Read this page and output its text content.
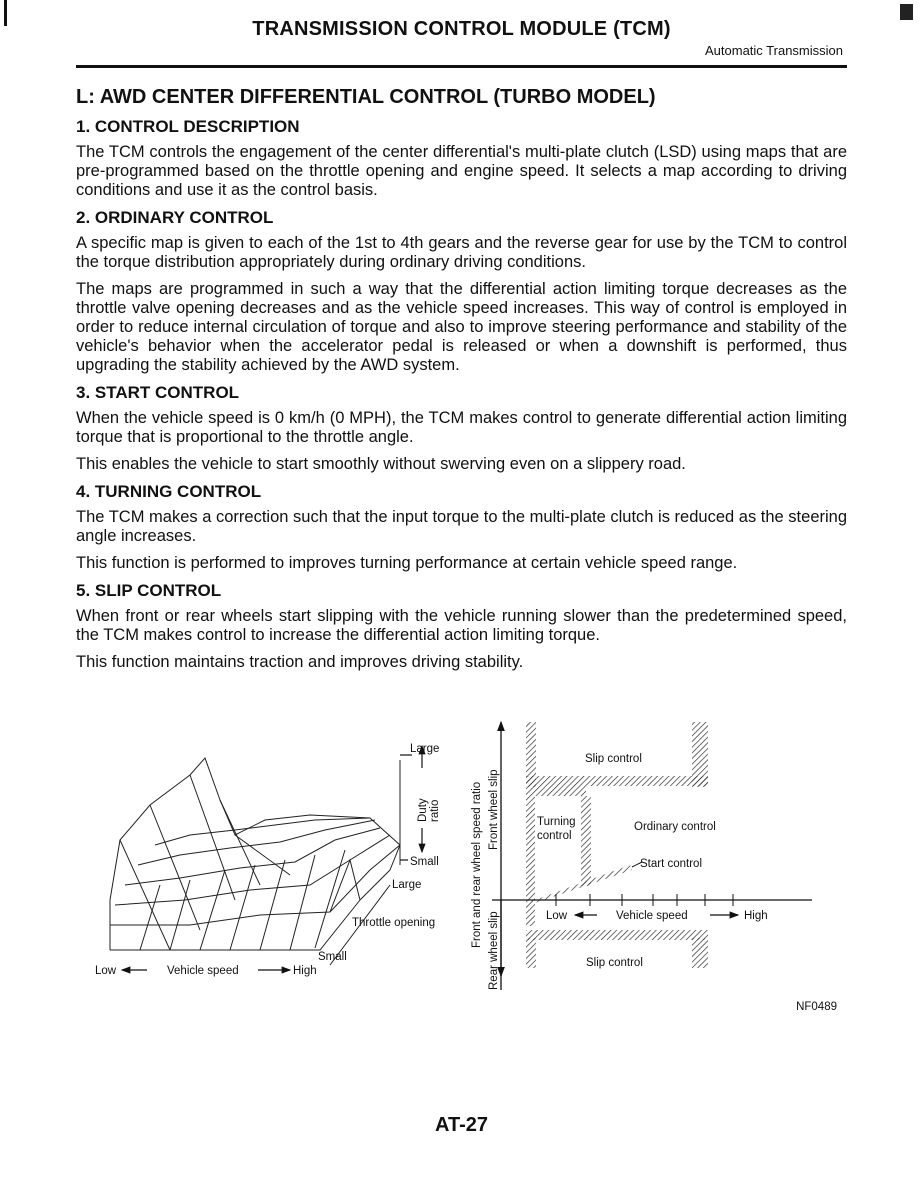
TRANSMISSION CONTROL MODULE (TCM)
Automatic Transmission
L: AWD CENTER DIFFERENTIAL CONTROL (TURBO MODEL)
1. CONTROL DESCRIPTION

The TCM controls the engagement of the center differential's multi-plate clutch (LSD) using maps that are pre-programmed based on the throttle opening and engine speed. It selects a map according to driving conditions and use it as the control basis.

2. ORDINARY CONTROL

A specific map is given to each of the 1st to 4th gears and the reverse gear for use by the TCM to control the torque distribution appropriately during ordinary driving conditions.

The maps are programmed in such a way that the differential action limiting torque decreases as the throttle valve opening decreases and as the vehicle speed increases. This way of control is employed in order to reduce internal circulation of torque and also to improve steering performance and stability of the vehicle's behavior when the accelerator pedal is released or when a downshift is performed, thus upgrading the stability achieved by the AWD system.

3. START CONTROL

When the vehicle speed is 0 km/h (0 MPH), the TCM makes control to generate differential action limiting torque that is proportional to the throttle angle.

This enables the vehicle to start smoothly without swerving even on a slippery road.

4. TURNING CONTROL

The TCM makes a correction such that the input torque to the multi-plate clutch is reduced as the steering angle increases.

This function is performed to improves turning performance at certain vehicle speed range.

5. SLIP CONTROL

When front or rear wheels start slipping with the vehicle running slower than the predetermined speed, the TCM makes control to increase the differential action limiting torque.

This function maintains traction and improves driving stability.

Large
Small
Duty ratio
Large
Throttle opening
Small
Low	Vehicle speed	High
Slip control
Turning
control
Ordinary control
Start control
Low	Vehicle speed	High
Slip control
Front and rear wheel speed ratio Front wheel slip
Rear wheel slip
NF0489
AT-27
